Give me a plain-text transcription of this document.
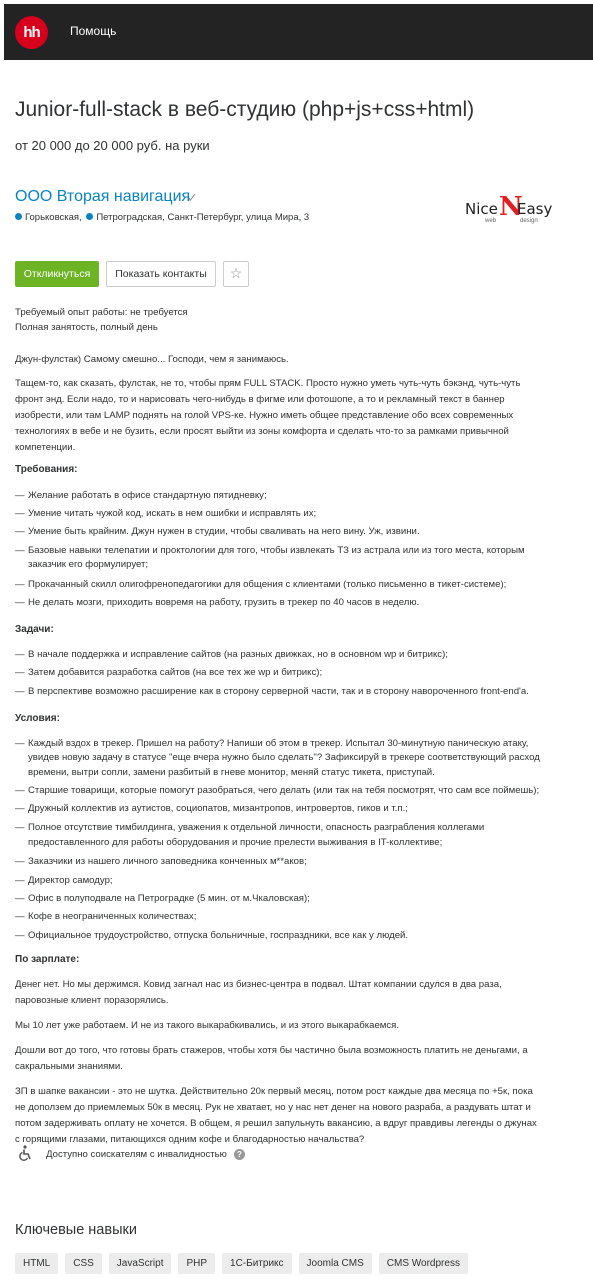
hh	Помощь
Junior-full-stack в веб-студию (php+js+css+html)
от 20 000 до 20 000 руб. на руки
ООО Вторая навигация
✓
Горьковская, Петроградская, Санкт-Петербург, улица Мира, 3	Nice N
Easy
web	design
Откликнуться	Показать контакты	☆
Требуемый опыт работы: не требуется
Полная занятость, полный день
Джун-фулстак) Самому смешно... Господи, чем я занимаюсь.
Тащем-то, как сказать, фулстак, не то, чтобы прям FULL STACK. Просто нужно уметь чуть-чуть бэкэнд, чуть-чуть
фронт энд. Если надо, то и нарисовать чего-нибудь в фигме или фотошопе, а то и рекламный текст в баннер
изобрести, или там LAMP поднять на голой VPS-ке. Нужно иметь общее представление обо всех современных
технологиях в вебе и не бузить, если просят выйти из зоны комфорта и сделать что-то за рамками привычной
компетенции.
Требования:
— Желание работать в офисе стандартную пятидневку;
— Умение читать чужой код, искать в нем ошибки и исправлять их;
— Умение быть крайним. Джун нужен в студии, чтобы сваливать на него вину. Уж, извини.
— Базовые навыки телепатии и проктологии для того, чтобы извлекать ТЗ из астрала или из того места, которым
заказчик его формулирует;
— Прокачанный скилл олигофренопедагогики для общения с клиентами (только письменно в тикет-системе);
— Не делать мозги, приходить вовремя на работу, грузить в трекер по 40 часов в неделю.
Задачи:
— В начале поддержка и исправление сайтов (на разных движках, но в основном wp и битрикс);
— Затем добавится разработка сайтов (на все тех же wp и битрикс);
— В перспективе возможно расширение как в сторону серверной части, так и в сторону навороченного front-end'a.
Условия:
— Каждый вздох в трекер. Пришел на работу? Напиши об этом в трекер. Испытал 30-минутную паническую атаку,
увидев новую задачу в статусе "еще вчера нужно было сделать"? Зафиксируй в трекере соответствующий расход
времени, вытри сопли, замени разбитый в гневе монитор, меняй статус тикета, приступай.
— Старшие товарищи, которые помогут разобраться, чего делать (или так на тебя посмотрят, что сам все поймешь);
— Дружный коллектив из аутистов, социопатов, мизантропов, интровертов, гиков и т.п.;
— Полное отсутствие тимбилдинга, уважения к отдельной личности, опасность разграбления коллегами
предоставленного для работы оборудования и прочие прелести выживания в IT-коллективе;
— Заказчики из нашего личного заповедника конченных м**аков;
— Директор самодур;
— Офис в полуподвале на Петроградке (5 мин. от м.Чкаловская);
— Кофе в неограниченных количествах;
— Официальное трудоустройство, отпуска больничные, госпраздники, все как у людей.
По зарплате:
Денег нет. Но мы держимся. Ковид загнал нас из бизнес-центра в подвал. Штат компании сдулся в два раза,
паровозные клиент поразорялись.
Мы 10 лет уже работаем. И не из такого выкарабкивались, и из этого выкарабкаемся.
Дошли вот до того, что готовы брать стажеров, чтобы хотя бы частично была возможность платить не деньгами, а
сакральными знаниями.
ЗП в шапке вакансии - это не шутка. Действительно 20к первый месяц, потом рост каждые два месяца по +5к, пока
не доползем до приемлемых 50к в месяц. Рук не хватает, но у нас нет денег на нового разраба, а раздувать штат и
потом задерживать оплату не хочется. В общем, я решил запульнуть вакансию, а вдруг правдивы легенды о джунах
с горящими глазами, питающихся одним кофе и благодарностью начальства?
Доступно соискателям с инвалидностью	?
Ключевые навыки
HTML	CSS	JavaScript	PHP	1С-Битрикс	Joomla CMS	CMS Wordpress
